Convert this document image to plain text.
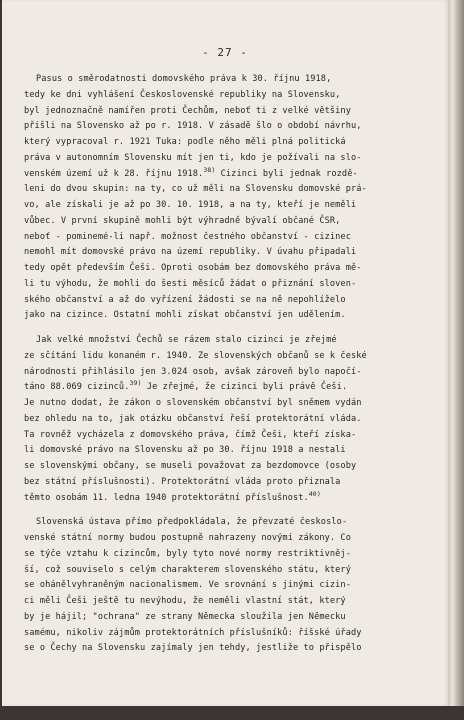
- 27 -
Pasus o směrodatnosti domovského práva k 30. říjnu 1918,
tedy ke dni vyhlášení Československé republiky na Slovensku,
byl jednoznačně namířen proti Čechům, neboť ti z velké většiny
přišli na Slovensko až po r. 1918. V zásadě šlo o období návrhu,
který vypracoval r. 1921 Tuka: podle něho měli plná politická
práva v autonomním Slovensku mít jen ti, kdo je požívali na slo-
venském území už k 28. říjnu 1918.$^{38)}$ Cizinci byli jednak rozdě-
leni do dvou skupin: na ty, co už měli na Slovensku domovské prá-
vo, ale získali je až po 30. 10. 1918, a na ty, kteří je neměli
vůbec. V první skupině mohli být výhradně bývalí občané ČSR,
neboť - pominemé-li např. možnost čestného občanství - cizinec
nemohl mít domovské právo na území republiky. V úvahu připadali
tedy opět především Češi. Oproti osobám bez domovského práva mě-
li tu výhodu, že mohli do šesti měsíců žádat o přiznání sloven-
ského občanství a až do vyřízení žádosti se na ně nepohlíželo
jako na cizince. Ostatní mohli získat občanství jen udělením.
Jak velké množství Čechů se rázem stalo cizinci je zřejmé
ze sčítání lidu konaném r. 1940. Ze slovenských občanů se k české
národnosti přihlásilo jen 3.024 osob, avšak zároveň bylo napočí-
táno 88.069 cizinců.$^{39)}$ Je zřejmé, že cizinci byli právě Češi.
Je nutno dodat, že zákon o slovenském občanství byl sněmem vydán
bez ohledu na to, jak otázku občanství řeší protektorátní vláda.
Ta rovněž vycházela z domovského práva, čímž Češi, kteří získa-
li domovské právo na Slovensku až po 30. říjnu 1918 a nestali
se slovenskými občany, se museli považovat za bezdomovce (osoby
bez státní příslušnosti). Protektorátní vláda proto přiznala
těmto osobám 11. ledna 1940 protektorátní příslušnost.$^{40)}$
Slovenská ústava přímo předpokládala, že převzaté českoslo-
venské státní normy budou postupně nahrazeny novými zákony. Co
se týče vztahu k cizincům, byly tyto nové normy restriktivněj-
ší, což souviselo s celým charakterem slovenského státu, který
se ohánělvyhraněným nacionalismem. Ve srovnání s jinými cizin-
ci měli Češi ještě tu nevýhodu, že neměli vlastní stát, který
by je hájil; "ochrana" ze strany Německa sloužila jen Německu
samému, nikoliv zájmům protektorátních příslušníků: říšské úřady
se o Čechy na Slovensku zajímaly jen tehdy, jestliže to přispělo
